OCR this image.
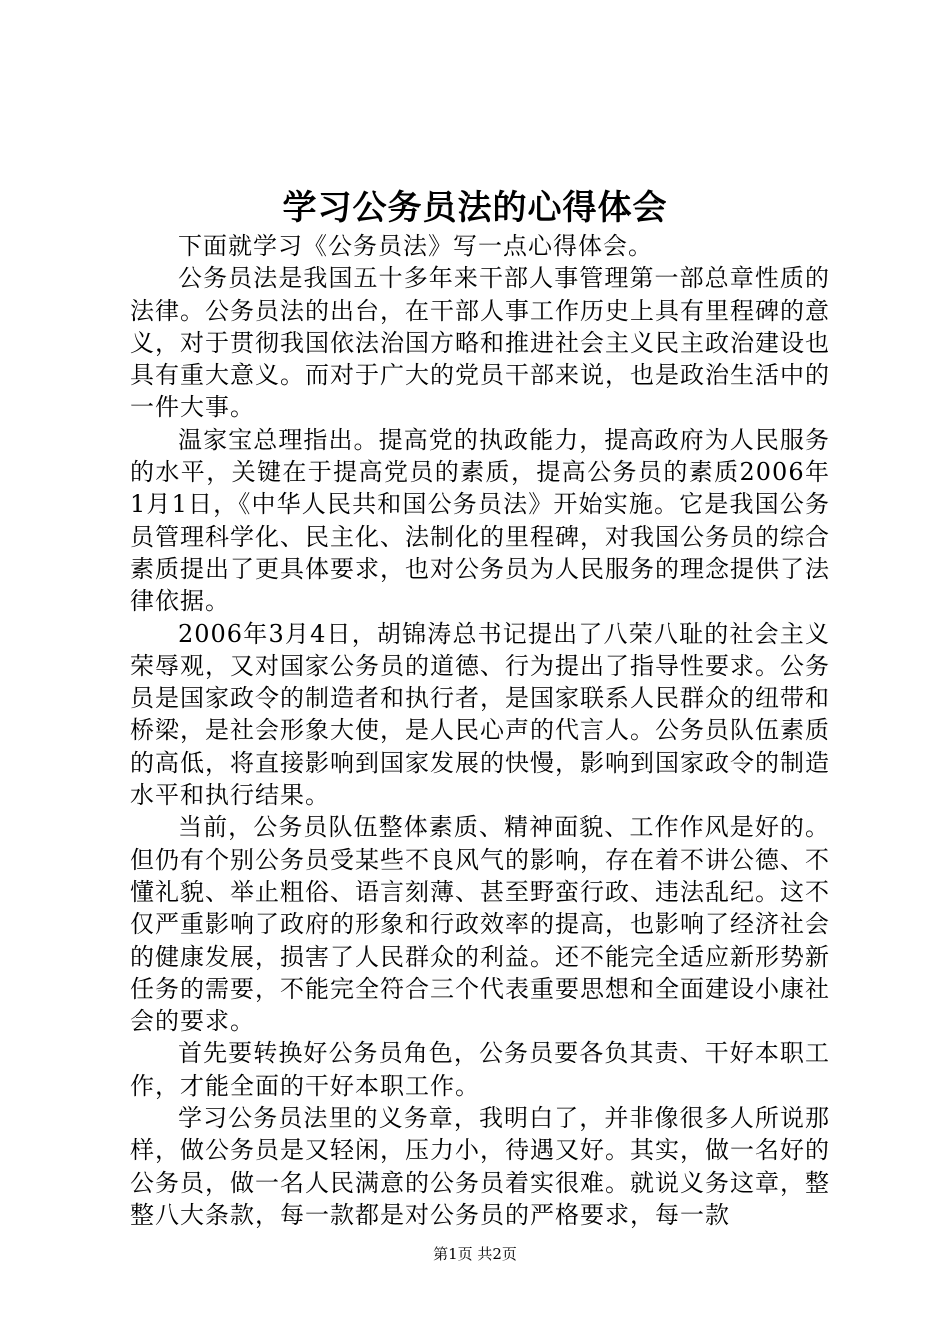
学习公务员法的心得体会

下面就学习《公务员法》写一点心得体会。

公务员法是我国五十多年来干部人事管理第一部总章性质的法律。公务员法的出台，在干部人事工作历史上具有里程碑的意义，对于贯彻我国依法治国方略和推进社会主义民主政治建设也具有重大意义。而对于广大的党员干部来说，也是政治生活中的一件大事。

温家宝总理指出。提高党的执政能力，提高政府为人民服务的水平，关键在于提高党员的素质，提高公务员的素质2006年1月1日，《中华人民共和国公务员法》开始实施。它是我国公务员管理科学化、民主化、法制化的里程碑，对我国公务员的综合素质提出了更具体要求，也对公务员为人民服务的理念提供了法律依据。

2006年3月4日，胡锦涛总书记提出了八荣八耻的社会主义荣辱观，又对国家公务员的道德、行为提出了指导性要求。公务员是国家政令的制造者和执行者，是国家联系人民群众的纽带和桥梁，是社会形象大使，是人民心声的代言人。公务员队伍素质的高低，将直接影响到国家发展的快慢，影响到国家政令的制造水平和执行结果。

当前，公务员队伍整体素质、精神面貌、工作作风是好的。但仍有个别公务员受某些不良风气的影响，存在着不讲公德、不懂礼貌、举止粗俗、语言刻薄、甚至野蛮行政、违法乱纪。这不仅严重影响了政府的形象和行政效率的提高，也影响了经济社会的健康发展，损害了人民群众的利益。还不能完全适应新形势新任务的需要，不能完全符合三个代表重要思想和全面建设小康社会的要求。

首先要转换好公务员角色，公务员要各负其责、干好本职工作，才能全面的干好本职工作。

学习公务员法里的义务章，我明白了，并非像很多人所说那样，做公务员是又轻闲，压力小，待遇又好。其实，做一名好的公务员，做一名人民满意的公务员着实很难。就说义务这章，整整八大条款，每一款都是对公务员的严格要求，每一款

第1页 共2页
